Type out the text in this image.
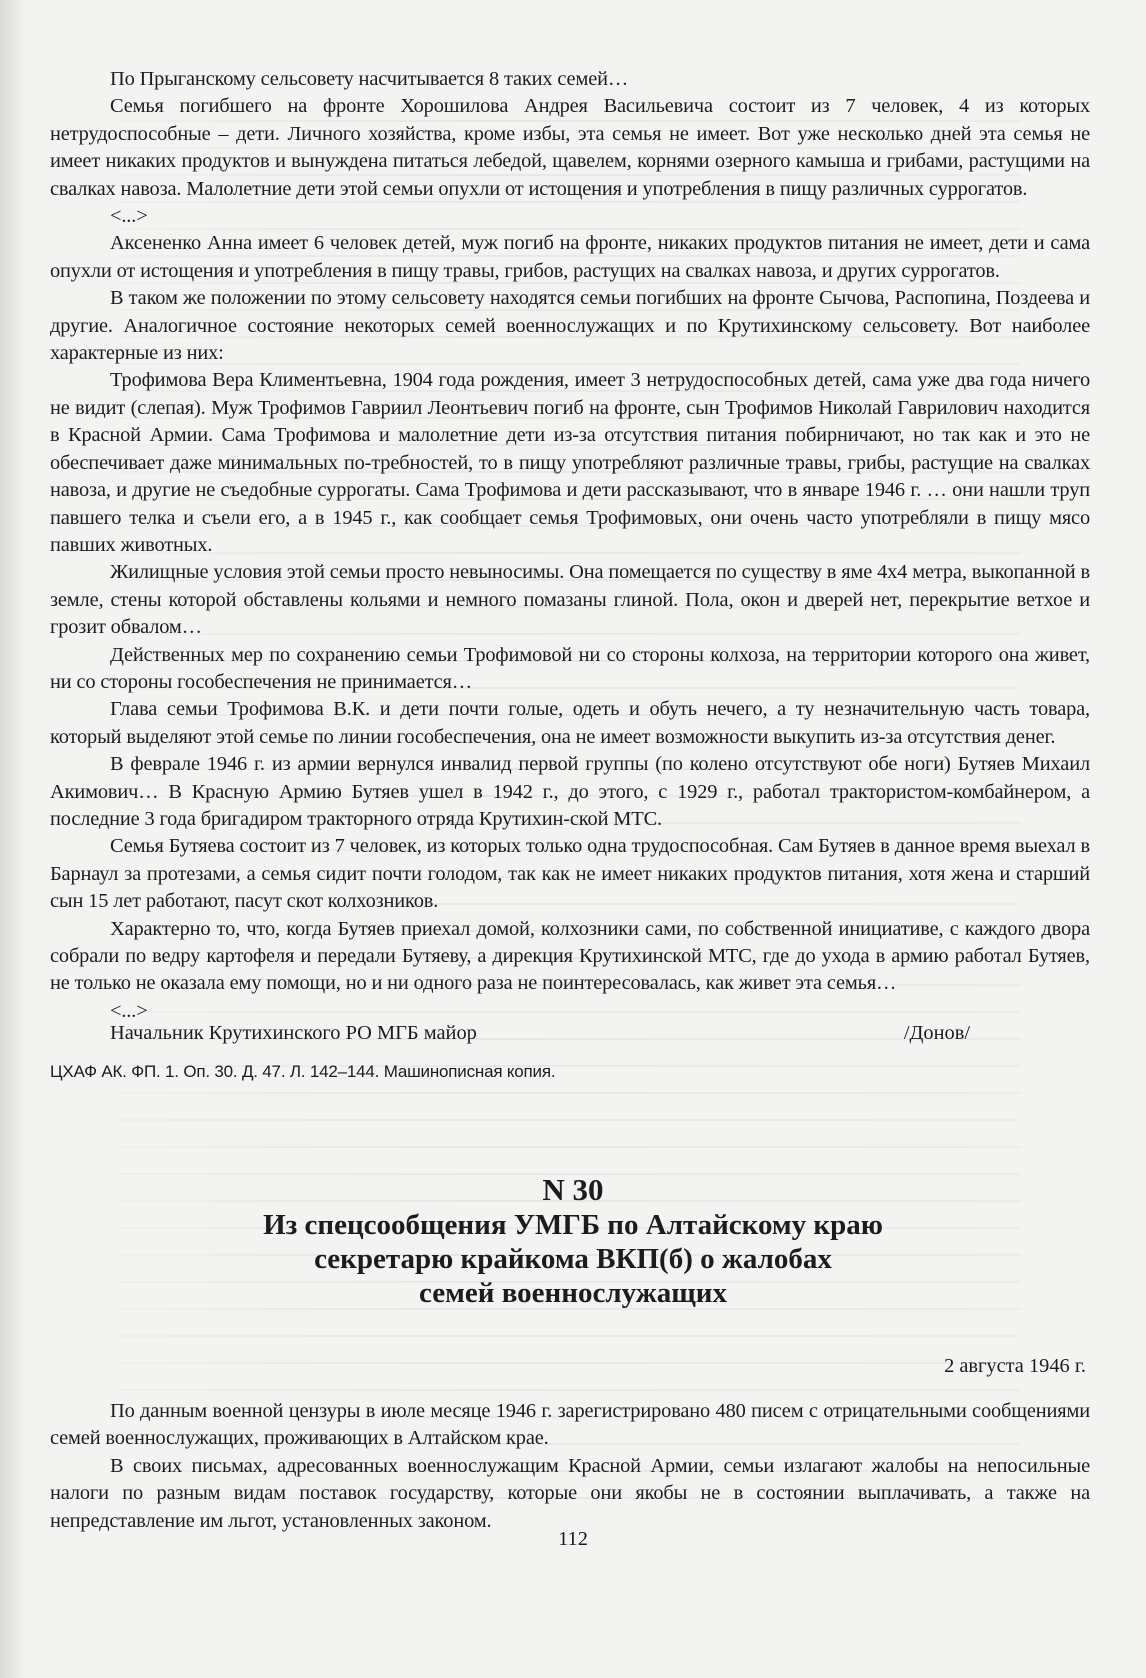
По Прыганскому сельсовету насчитывается 8 таких семей…

Семья погибшего на фронте Хорошилова Андрея Васильевича состоит из 7 человек, 4 из которых нетрудоспособные – дети. Личного хозяйства, кроме избы, эта семья не имеет. Вот уже несколько дней эта семья не имеет никаких продуктов и вынуждена питаться лебедой, щавелем, корнями озерного камыша и грибами, растущими на свалках навоза. Малолетние дети этой семьи опухли от истощения и употребления в пищу различных суррогатов.

<...>

Аксененко Анна имеет 6 человек детей, муж погиб на фронте, никаких продуктов питания не имеет, дети и сама опухли от истощения и употребления в пищу травы, грибов, растущих на свалках навоза, и других суррогатов.

В таком же положении по этому сельсовету находятся семьи погибших на фронте Сычова, Распопина, Поздеева и другие. Аналогичное состояние некоторых семей военнослужащих и по Крутихинскому сельсовету. Вот наиболее характерные из них:

Трофимова Вера Климентьевна, 1904 года рождения, имеет 3 нетрудоспособных детей, сама уже два года ничего не видит (слепая). Муж Трофимов Гавриил Леонтьевич погиб на фронте, сын Трофимов Николай Гаврилович находится в Красной Армии. Сама Трофимова и малолетние дети из-за отсутствия питания побирничают, но так как и это не обеспечивает даже минимальных по-требностей, то в пищу употребляют различные травы, грибы, растущие на свалках навоза, и другие не съедобные суррогаты. Сама Трофимова и дети рассказывают, что в январе 1946 г. … они нашли труп павшего телка и съели его, а в 1945 г., как сообщает семья Трофимовых, они очень часто употребляли в пищу мясо павших животных.

Жилищные условия этой семьи просто невыносимы. Она помещается по существу в яме 4х4 метра, выкопанной в земле, стены которой обставлены кольями и немного помазаны глиной. Пола, окон и дверей нет, перекрытие ветхое и грозит обвалом…

Действенных мер по сохранению семьи Трофимовой ни со стороны колхоза, на территории которого она живет, ни со стороны гособеспечения не принимается…

Глава семьи Трофимова В.К. и дети почти голые, одеть и обуть нечего, а ту незначительную часть товара, который выделяют этой семье по линии гособеспечения, она не имеет возможности выкупить из-за отсутствия денег.

В феврале 1946 г. из армии вернулся инвалид первой группы (по колено отсутствуют обе ноги) Бутяев Михаил Акимович… В Красную Армию Бутяев ушел в 1942 г., до этого, с 1929 г., работал трактористом-комбайнером, а последние 3 года бригадиром тракторного отряда Крутихин-ской МТС.

Семья Бутяева состоит из 7 человек, из которых только одна трудоспособная. Сам Бутяев в данное время выехал в Барнаул за протезами, а семья сидит почти голодом, так как не имеет никаких продуктов питания, хотя жена и старший сын 15 лет работают, пасут скот колхозников.

Характерно то, что, когда Бутяев приехал домой, колхозники сами, по собственной инициативе, с каждого двора собрали по ведру картофеля и передали Бутяеву, а дирекция Крутихинской МТС, где до ухода в армию работал Бутяев, не только не оказала ему помощи, но и ни одного раза не поинтересовалась, как живет эта семья…

<...>

Начальник Крутихинского РО МГБ майор	/Донов/
ЦХАФ АК. ФП. 1. Оп. 30. Д. 47. Л. 142–144. Машинописная копия.
N 30
Из спецсообщения УМГБ по Алтайскому краю
секретарю крайкома ВКП(б) о жалобах
семей военнослужащих
2 августа 1946 г.

По данным военной цензуры в июле месяце 1946 г. зарегистрировано 480 писем с отрицательными сообщениями семей военнослужащих, проживающих в Алтайском крае.

В своих письмах, адресованных военнослужащим Красной Армии, семьи излагают жалобы на непосильные налоги по разным видам поставок государству, которые они якобы не в состоянии выплачивать, а также на непредставление им льгот, установленных законом.

112
